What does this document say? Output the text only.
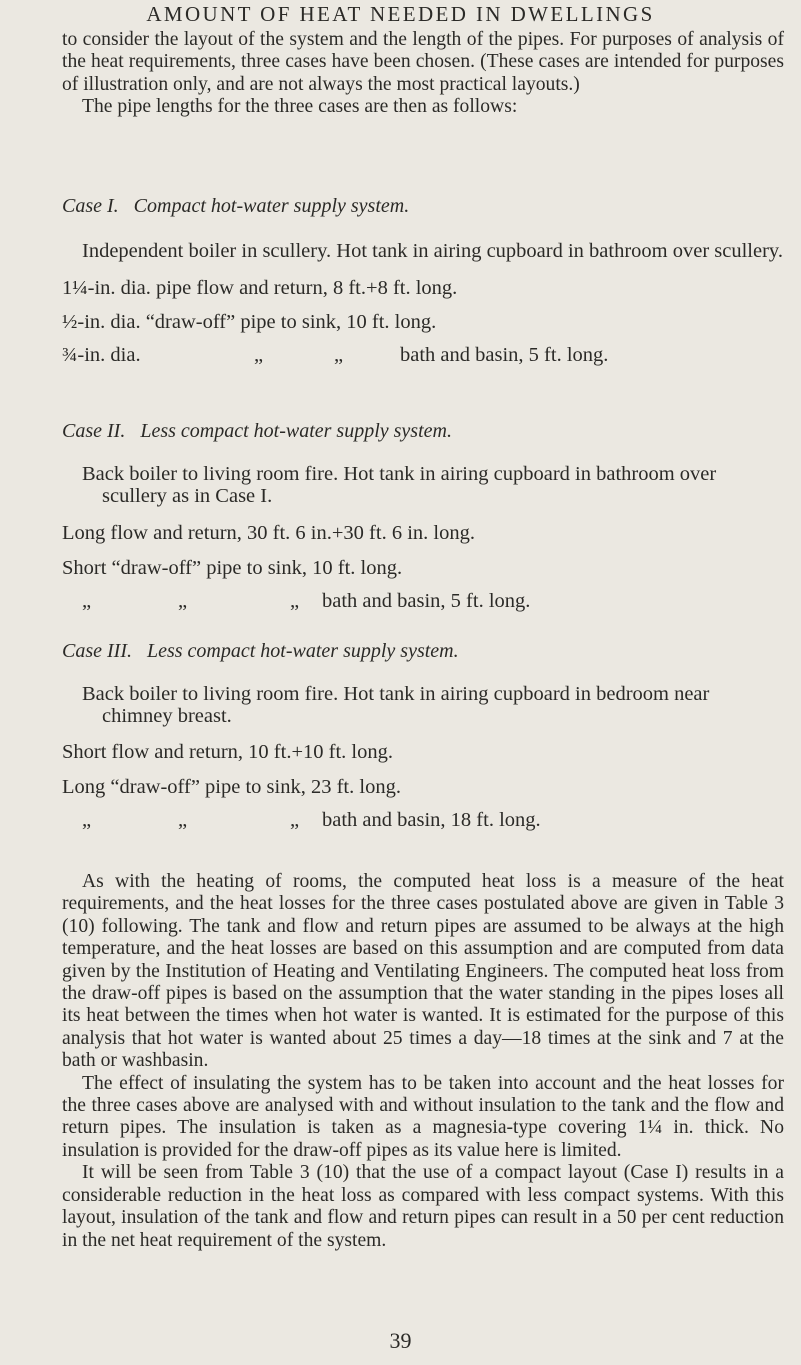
AMOUNT OF HEAT NEEDED IN DWELLINGS

to consider the layout of the system and the length of the pipes. For purposes of analysis of the heat requirements, three cases have been chosen. (These cases are intended for purposes of illustration only, and are not always the most practical layouts.)

The pipe lengths for the three cases are then as follows:

Case I. Compact hot-water supply system.

Independent boiler in scullery. Hot tank in airing cupboard in bathroom over scullery.

1¼-in. dia. pipe flow and return, 8 ft.+8 ft. long.

½-in. dia. “draw-off” pipe to sink, 10 ft. long.

¾-in. dia.	„	„	bath and basin, 5 ft. long.
Case II. Less compact hot-water supply system.

Back boiler to living room fire. Hot tank in airing cupboard in bathroom over scullery as in Case I.

Long flow and return, 30 ft. 6 in.+30 ft. 6 in. long.

Short “draw-off” pipe to sink, 10 ft. long.

„	„	„ bath and basin, 5 ft. long.
Case III. Less compact hot-water supply system.

Back boiler to living room fire. Hot tank in airing cupboard in bedroom near chimney breast.

Short flow and return, 10 ft.+10 ft. long.

Long “draw-off” pipe to sink, 23 ft. long.

„	„	„ bath and basin, 18 ft. long.

As with the heating of rooms, the computed heat loss is a measure of the heat requirements, and the heat losses for the three cases postulated above are given in Table 3 (10) following. The tank and flow and return pipes are assumed to be always at the high temperature, and the heat losses are based on this assumption and are computed from data given by the Institution of Heating and Ventilating Engineers. The computed heat loss from the draw-off pipes is based on the assumption that the water standing in the pipes loses all its heat between the times when hot water is wanted. It is estimated for the purpose of this analysis that hot water is wanted about 25 times a day—18 times at the sink and 7 at the bath or washbasin.

The effect of insulating the system has to be taken into account and the heat losses for the three cases above are analysed with and without insulation to the tank and the flow and return pipes. The insulation is taken as a magnesia-type covering 1¼ in. thick. No insulation is provided for the draw-off pipes as its value here is limited.

It will be seen from Table 3 (10) that the use of a compact layout (Case I) results in a considerable reduction in the heat loss as compared with less compact systems. With this layout, insulation of the tank and flow and return pipes can result in a 50 per cent reduction in the net heat requirement of the system.

39
